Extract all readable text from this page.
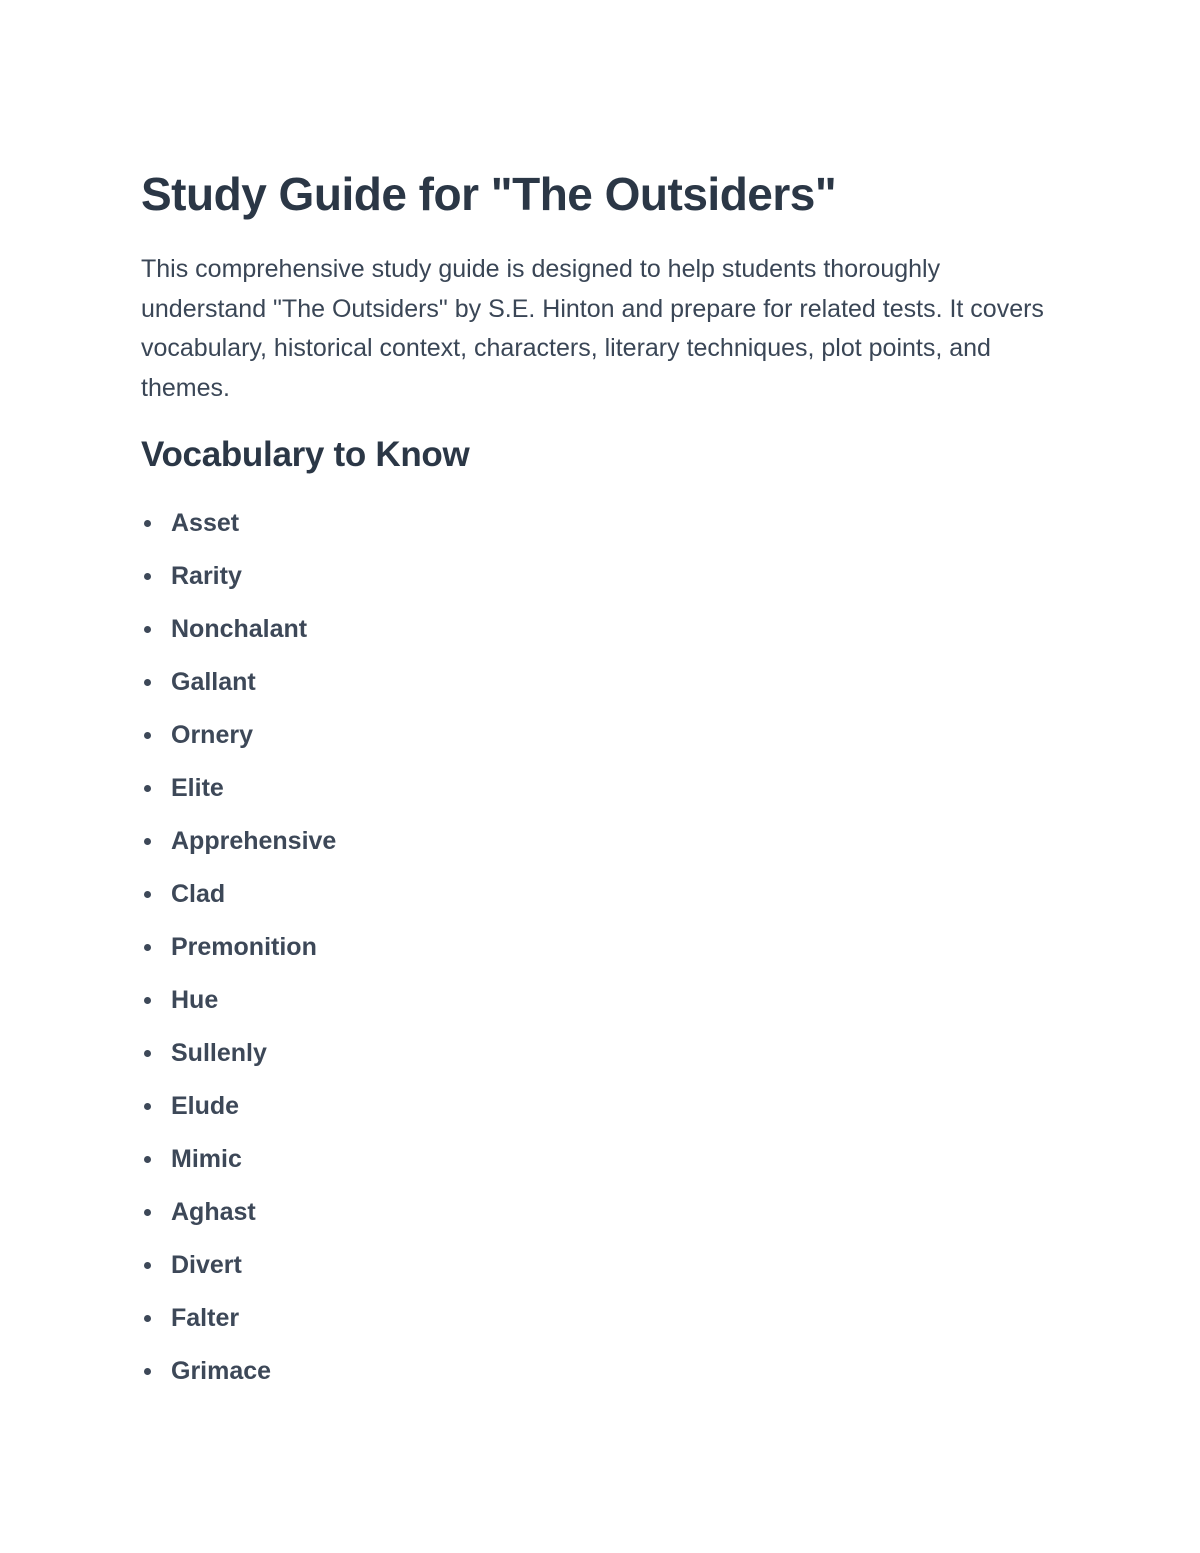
Study Guide for "The Outsiders"

This comprehensive study guide is designed to help students thoroughly understand "The Outsiders" by S.E. Hinton and prepare for related tests. It covers vocabulary, historical context, characters, literary techniques, plot points, and themes.

Vocabulary to Know
Asset
Rarity
Nonchalant
Gallant
Ornery
Elite
Apprehensive
Clad
Premonition
Hue
Sullenly
Elude
Mimic
Aghast
Divert
Falter
Grimace
